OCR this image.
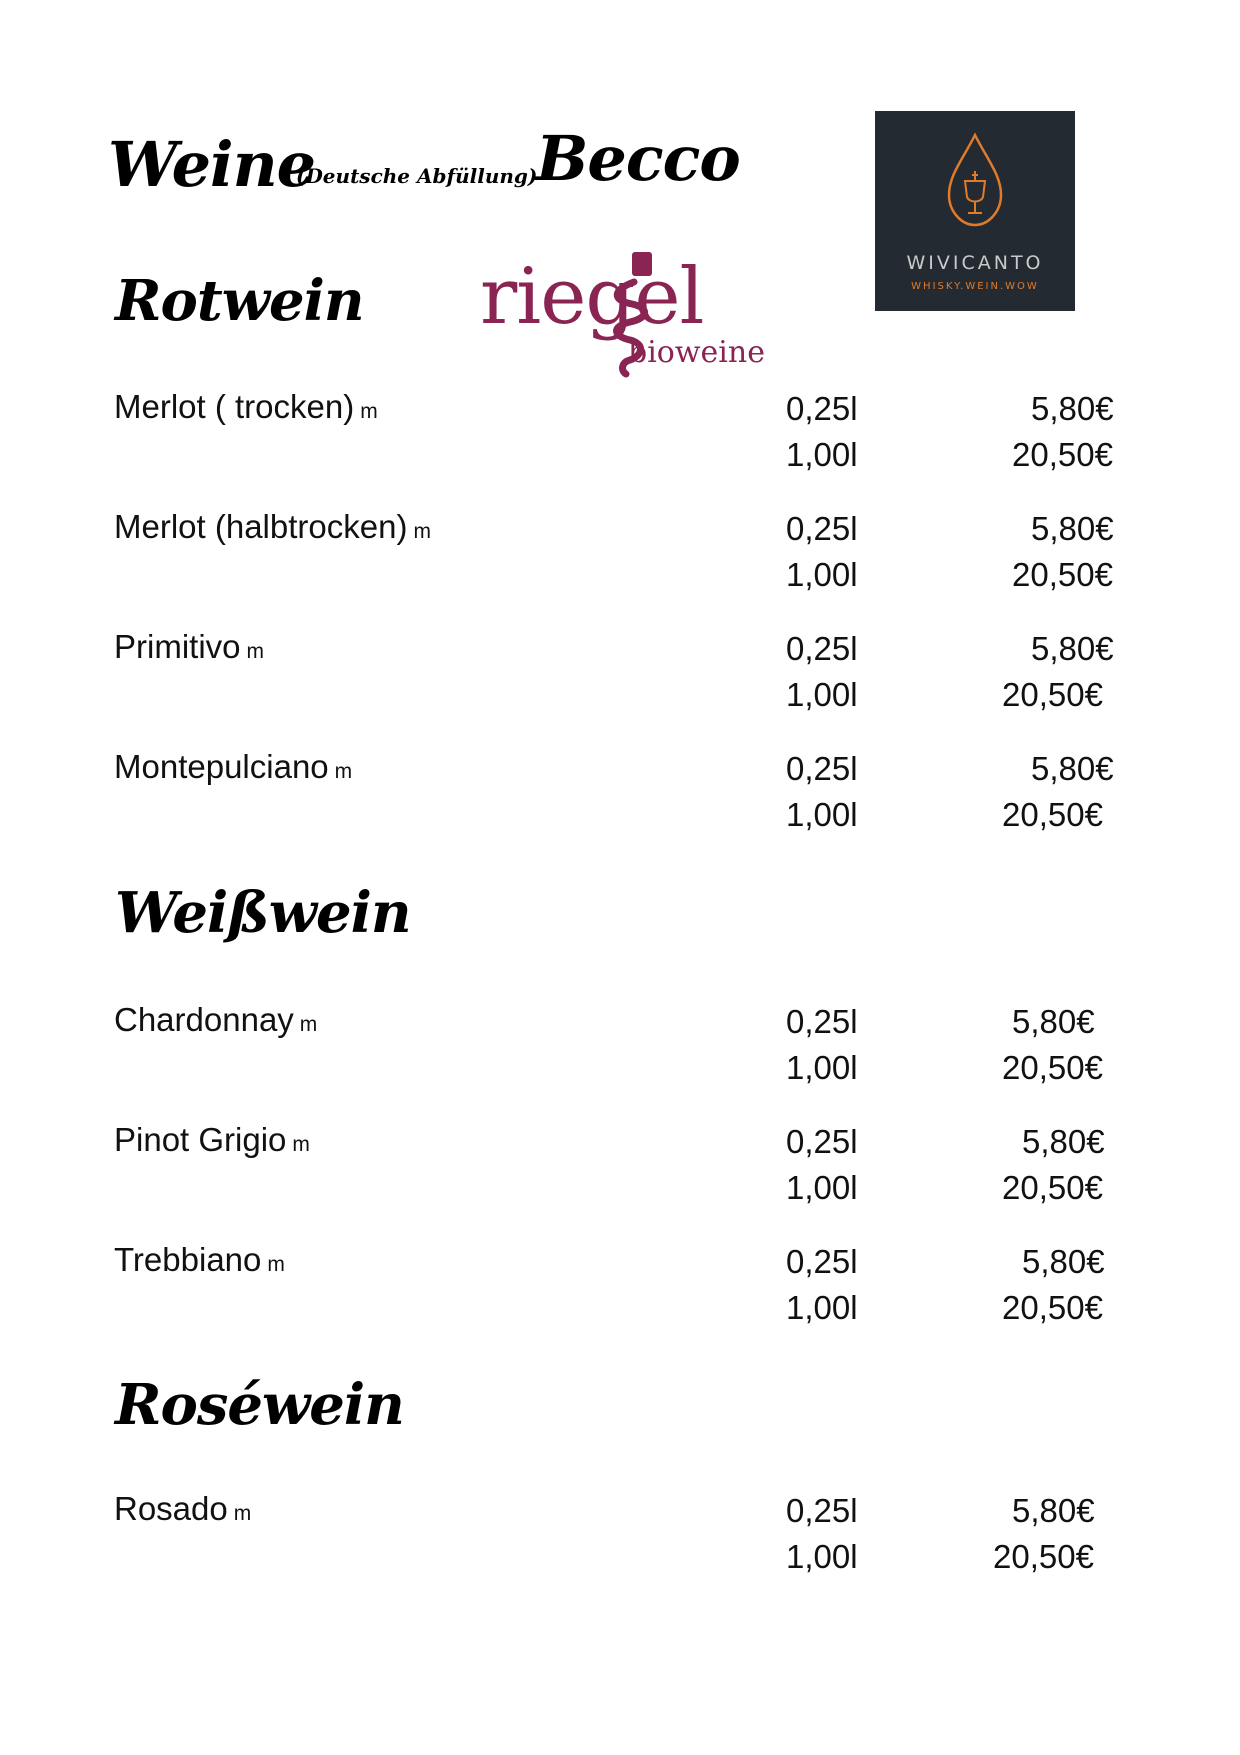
Weine
(Deutsche Abfüllung)
Becco
WIVICANTO
WHISKY.WEIN.WOW
riegel
bioweine
Rotwein
Weißwein
Roséwein
Merlot ( trocken) m	0,25l	5,80€
1,00l	20,50€
Merlot (halbtrocken) m	0,25l	5,80€
1,00l	20,50€
Primitivo m	0,25l	5,80€
1,00l	20,50€
Montepulciano m	0,25l	5,80€
1,00l	20,50€
Chardonnay m	0,25l	5,80€
1,00l	20,50€
Pinot Grigio m	0,25l	5,80€
1,00l	20,50€
Trebbiano m	0,25l	5,80€
1,00l	20,50€
Rosado m	0,25l	5,80€
1,00l	20,50€
